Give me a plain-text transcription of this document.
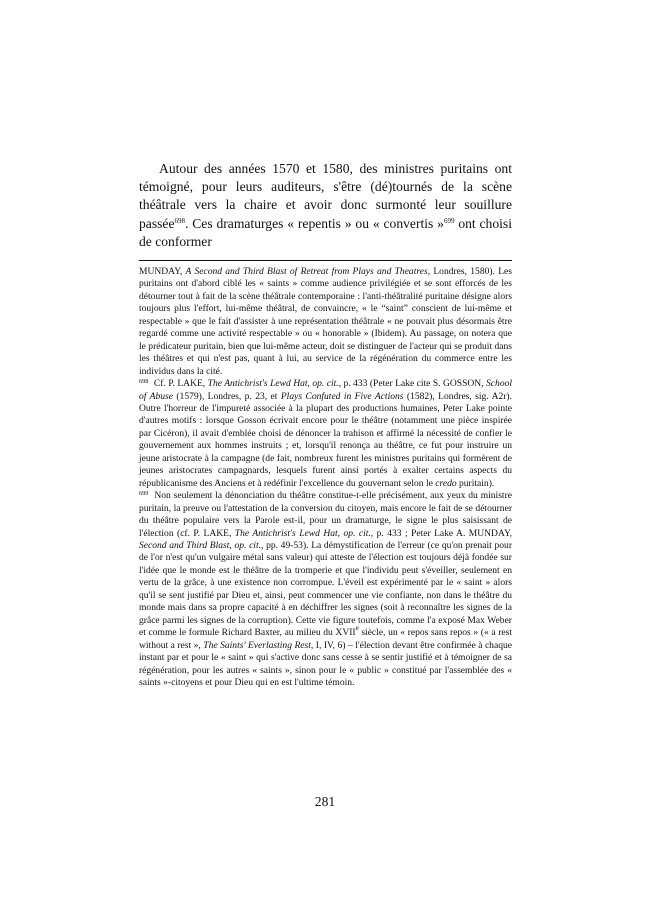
Autour des années 1570 et 1580, des ministres puritains ont témoigné, pour leurs auditeurs, s'être (dé)tournés de la scène théâtrale vers la chaire et avoir donc surmonté leur souillure passée$^{698}$. Ces dramaturges « repentis » ou « convertis »$^{699}$ ont choisi de conformer

MUNDAY, A Second and Third Blast of Retreat from Plays and Theatres, Londres, 1580). Les puritains ont d'abord ciblé les « saints » comme audience privilégiée et se sont efforcés de les détourner tout à fait de la scène théâtrale contemporaine : l'anti-théâtralité puritaine désigne alors toujours plus l'effort, lui-même théâtral, de convaincre, « le “saint” conscient de lui-même et respectable » que le fait d'assister à une représentation théâtrale « ne pouvait plus désormais être regardé comme une activité respectable » ou « honorable » (Ibidem). Au passage, on notera que le prédicateur puritain, bien que lui-même acteur, doit se distinguer de l'acteur qui se produit dans les théâtres et qui n'est pas, quant à lui, au service de la régénération du commerce entre les individus dans la cité.

$^{698}$ Cf. P. LAKE, The Antichrist's Lewd Hat, op. cit., p. 433 (Peter Lake cite S. GOSSON, School of Abuse (1579), Londres, p. 23, et Plays Confuted in Five Actions (1582), Londres, sig. A2r). Outre l'horreur de l'impureté associée à la plupart des productions humaines, Peter Lake pointe d'autres motifs : lorsque Gosson écrivait encore pour le théâtre (notamment une pièce inspirée par Cicéron), il avait d'emblée choisi de dénoncer la trahison et affirmé la nécessité de confier le gouvernement aux hommes instruits ; et, lorsqu'il renonça au théâtre, ce fut pour instruire un jeune aristocrate à la campagne (de fait, nombreux furent les ministres puritains qui formèrent de jeunes aristocrates campagnards, lesquels furent ainsi portés à exalter certains aspects du républicanisme des Anciens et à redéfinir l'excellence du gouvernant selon le credo puritain).

$^{699}$ Non seulement la dénonciation du théâtre constitue-t-elle précisément, aux yeux du ministre puritain, la preuve ou l'attestation de la conversion du citoyen, mais encore le fait de se détourner du théâtre populaire vers la Parole est-il, pour un dramaturge, le signe le plus saisissant de l'élection (cf. P. LAKE, The Antichrist's Lewd Hat, op. cit., p. 433 ; Peter Lake A. MUNDAY, Second and Third Blast, op. cit., pp. 49-53). La démystification de l'erreur (ce qu'on prenait pour de l'or n'est qu'un vulgaire métal sans valeur) qui atteste de l'élection est toujours déjà fondée sur l'idée que le monde est le théâtre de la tromperie et que l'individu peut s'éveiller, seulement en vertu de la grâce, à une existence non corrompue. L'éveil est expérimenté par le « saint » alors qu'il se sent justifié par Dieu et, ainsi, peut commencer une vie confiante, non dans le théâtre du monde mais dans sa propre capacité à en déchiffrer les signes (soit à reconnaître les signes de la grâce parmi les signes de la corruption). Cette vie figure toutefois, comme l'a exposé Max Weber et comme le formule Richard Baxter, au milieu du XVIIe siècle, un « repos sans repos » (« a rest without a rest », The Saints' Everlasting Rest, I, IV, 6) – l'élection devant être confirmée à chaque instant par et pour le « saint » qui s'active donc sans cesse à se sentir justifié et à témoigner de sa régénération, pour les autres « saints », sinon pour le « public » constitué par l'assemblée des « saints »-citoyens et pour Dieu qui en est l'ultime témoin.

281
